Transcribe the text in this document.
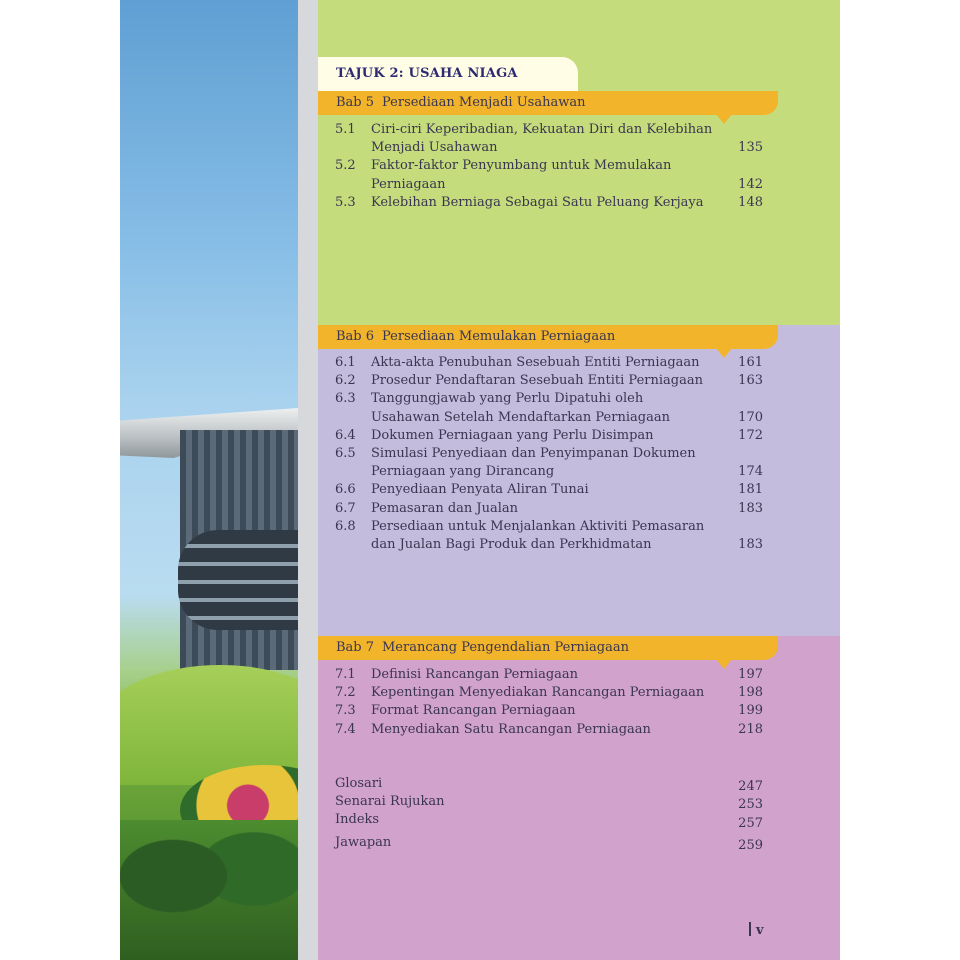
TAJUK 2: USAHA NIAGA
Bab 5 Persediaan Menjadi Usahawan
5.1	Ciri-ciri Keperibadian, Kekuatan Diri dan Kelebihan Menjadi Usahawan	135
5.2	Faktor-faktor Penyumbang untuk Memulakan Perniagaan	142
5.3	Kelebihan Berniaga Sebagai Satu Peluang Kerjaya	148
Bab 6 Persediaan Memulakan Perniagaan
6.1	Akta-akta Penubuhan Sesebuah Entiti Perniagaan	161
6.2	Prosedur Pendaftaran Sesebuah Entiti Perniagaan	163
6.3	Tanggungjawab yang Perlu Dipatuhi oleh Usahawan Setelah Mendaftarkan Perniagaan	170
6.4	Dokumen Perniagaan yang Perlu Disimpan	172
6.5	Simulasi Penyediaan dan Penyimpanan Dokumen Perniagaan yang Dirancang	174
6.6	Penyediaan Penyata Aliran Tunai	181
6.7	Pemasaran dan Jualan	183
6.8	Persediaan untuk Menjalankan Aktiviti Pemasaran dan Jualan Bagi Produk dan Perkhidmatan	183
Bab 7 Merancang Pengendalian Perniagaan
7.1	Definisi Rancangan Perniagaan	197
7.2	Kepentingan Menyediakan Rancangan Perniagaan	198
7.3	Format Rancangan Perniagaan	199
7.4	Menyediakan Satu Rancangan Perniagaan	218
Glosari	247
Senarai Rujukan	253
Indeks	257
Jawapan	259
v
